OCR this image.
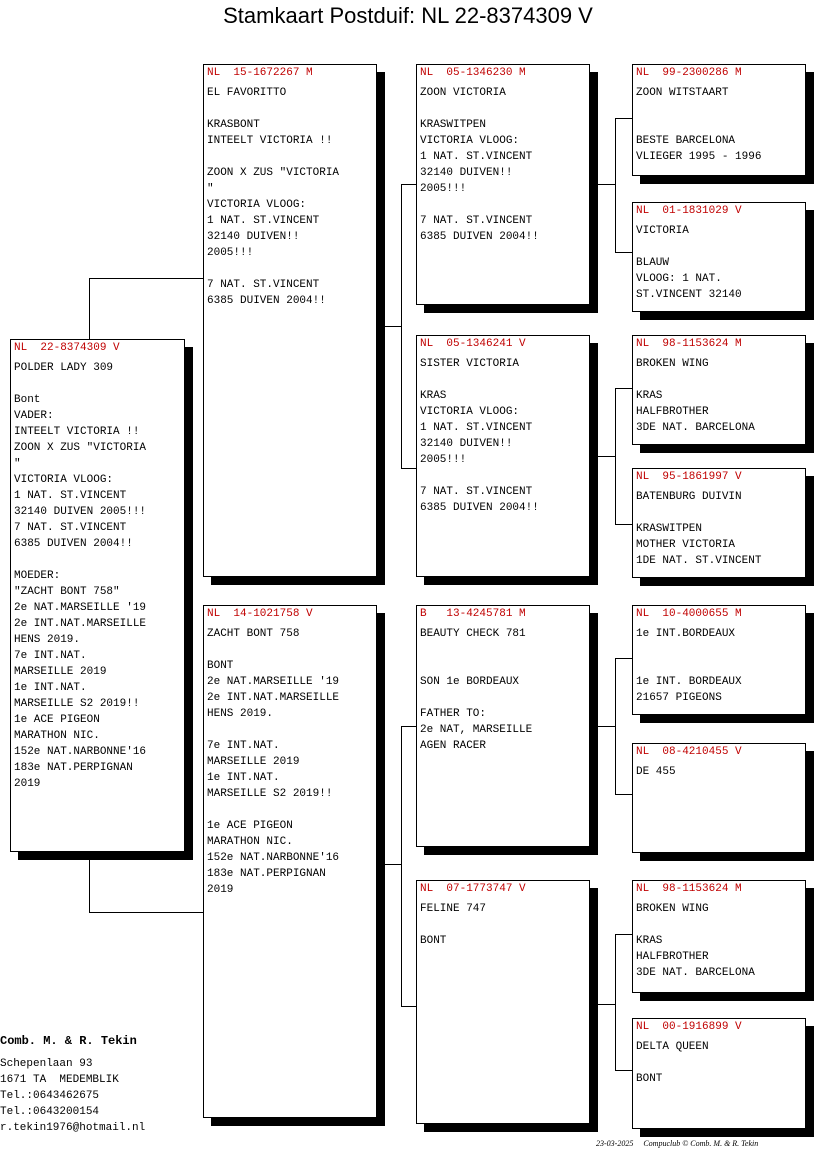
Stamkaart Postduif: NL 22-8374309 V
NL  22-8374309 V
POLDER LADY 309

Bont
VADER:
INTEELT VICTORIA !!
ZOON X ZUS "VICTORIA
"
VICTORIA VLOOG:
1 NAT. ST.VINCENT
32140 DUIVEN 2005!!!
7 NAT. ST.VINCENT
6385 DUIVEN 2004!!

MOEDER:
"ZACHT BONT 758"
2e NAT.MARSEILLE '19
2e INT.NAT.MARSEILLE
HENS 2019.
7e INT.NAT.
MARSEILLE 2019
1e INT.NAT.
MARSEILLE S2 2019!!
1e ACE PIGEON
MARATHON NIC.
152e NAT.NARBONNE'16
183e NAT.PERPIGNAN
2019
NL  15-1672267 M
EL FAVORITTO

KRASBONT
INTEELT VICTORIA !!

ZOON X ZUS "VICTORIA
"
VICTORIA VLOOG:
1 NAT. ST.VINCENT
32140 DUIVEN!!
2005!!!

7 NAT. ST.VINCENT
6385 DUIVEN 2004!!
NL  14-1021758 V
ZACHT BONT 758

BONT
2e NAT.MARSEILLE '19
2e INT.NAT.MARSEILLE
HENS 2019.

7e INT.NAT.
MARSEILLE 2019
1e INT.NAT.
MARSEILLE S2 2019!!

1e ACE PIGEON
MARATHON NIC.
152e NAT.NARBONNE'16
183e NAT.PERPIGNAN
2019
NL  05-1346230 M
ZOON VICTORIA

KRASWITPEN
VICTORIA VLOOG:
1 NAT. ST.VINCENT
32140 DUIVEN!!
2005!!!

7 NAT. ST.VINCENT
6385 DUIVEN 2004!!
NL  05-1346241 V
SISTER VICTORIA

KRAS
VICTORIA VLOOG:
1 NAT. ST.VINCENT
32140 DUIVEN!!
2005!!!

7 NAT. ST.VINCENT
6385 DUIVEN 2004!!
B   13-4245781 M
BEAUTY CHECK 781

SON 1e BORDEAUX

FATHER TO:
2e NAT, MARSEILLE
AGEN RACER
NL  07-1773747 V
FELINE 747

BONT
NL  99-2300286 M
ZOON WITSTAART

BESTE BARCELONA
VLIEGER 1995 - 1996
NL  01-1831029 V
VICTORIA

BLAUW
VLOOG: 1 NAT.
ST.VINCENT 32140
NL  98-1153624 M
BROKEN WING

KRAS
HALFBROTHER
3DE NAT. BARCELONA
NL  95-1861997 V
BATENBURG DUIVIN

KRASWITPEN
MOTHER VICTORIA
1DE NAT. ST.VINCENT
NL  10-4000655 M
1e INT.BORDEAUX

1e INT. BORDEAUX
21657 PIGEONS
NL  08-4210455 V
DE 455
NL  98-1153624 M
BROKEN WING

KRAS
HALFBROTHER
3DE NAT. BARCELONA
NL  00-1916899 V
DELTA QUEEN

BONT
Comb. M. & R. Tekin
Schepenlaan 93
1671 TA  MEDEMBLIK
Tel.:0643462675
Tel.:0643200154
r.tekin1976@hotmail.nl
23-03-2025     Compuclub © Comb. M. & R. Tekin
